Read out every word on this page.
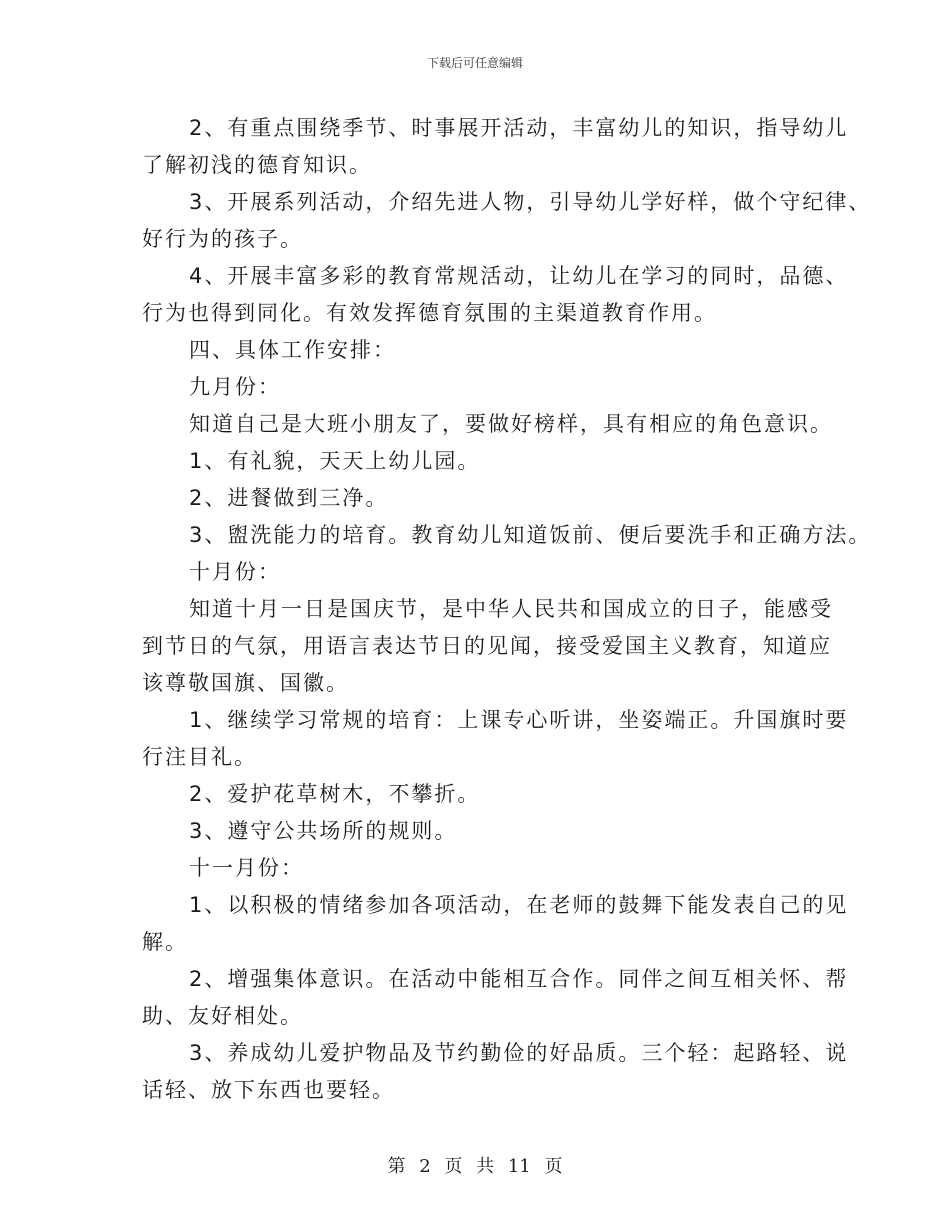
下载后可任意编辑

2、有重点围绕季节、时事展开活动，丰富幼儿的知识，指导幼儿
了解初浅的德育知识。

3、开展系列活动，介绍先进人物，引导幼儿学好样，做个守纪律、
好行为的孩子。

4、开展丰富多彩的教育常规活动，让幼儿在学习的同时，品德、
行为也得到同化。有效发挥德育氛围的主渠道教育作用。

四、具体工作安排：

九月份：

知道自己是大班小朋友了，要做好榜样，具有相应的角色意识。

1、有礼貌，天天上幼儿园。

2、进餐做到三净。

3、盥洗能力的培育。教育幼儿知道饭前、便后要洗手和正确方法。

十月份：

知道十月一日是国庆节，是中华人民共和国成立的日子，能感受
到节日的气氛，用语言表达节日的见闻，接受爱国主义教育，知道应
该尊敬国旗、国徽。

1、继续学习常规的培育：上课专心听讲，坐姿端正。升国旗时要
行注目礼。

2、爱护花草树木，不攀折。

3、遵守公共场所的规则。

十一月份：

1、以积极的情绪参加各项活动，在老师的鼓舞下能发表自己的见
解。

2、增强集体意识。在活动中能相互合作。同伴之间互相关怀、帮
助、友好相处。

3、养成幼儿爱护物品及节约勤俭的好品质。三个轻：起路轻、说
话轻、放下东西也要轻。

第 2 页 共 11 页
